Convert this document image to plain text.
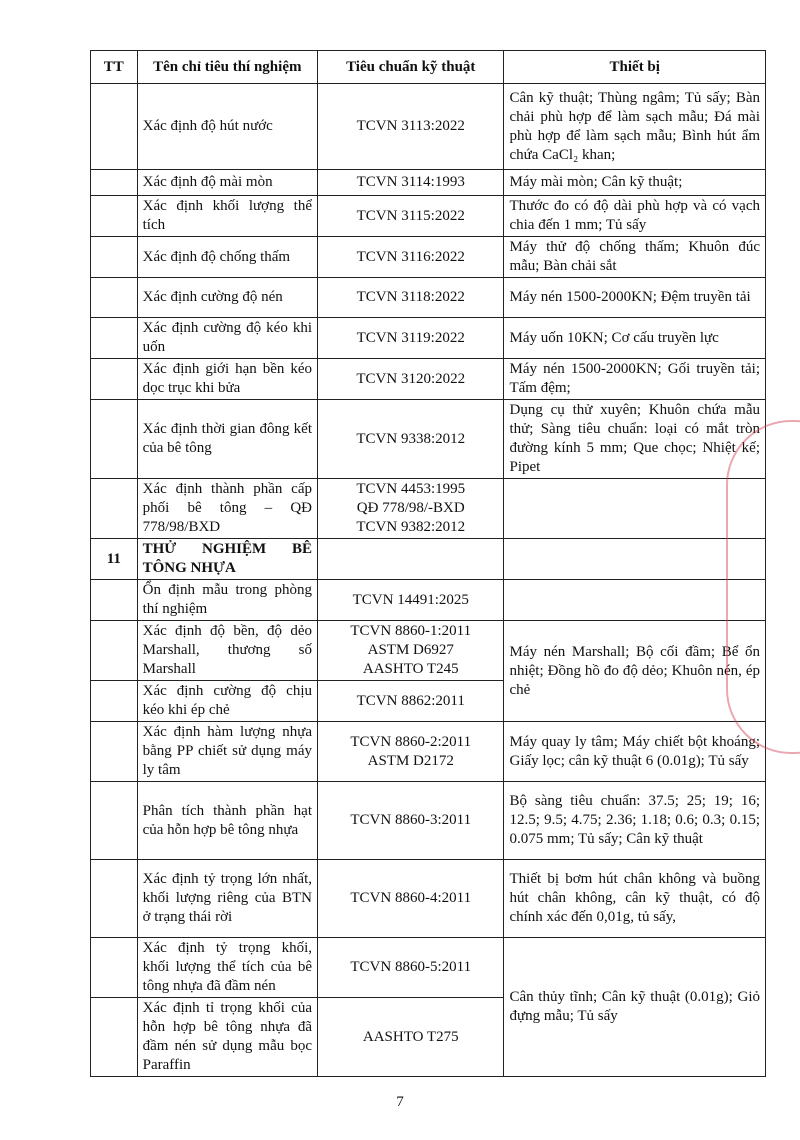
TT	Tên chỉ tiêu thí nghiệm	Tiêu chuẩn kỹ thuật	Thiết bị
	Xác định độ hút nước	TCVN 3113:2022	Cân kỹ thuật; Thùng ngâm; Tủ sấy; Bàn chải phù hợp để làm sạch mẫu; Đá mài phù hợp để làm sạch mẫu; Bình hút ẩm chứa CaCl₂ khan;
	Xác định độ mài mòn	TCVN 3114:1993	Máy mài mòn; Cân kỹ thuật;
	Xác định khối lượng thể tích	TCVN 3115:2022	Thước đo có độ dài phù hợp và có vạch chia đến 1 mm; Tủ sấy
	Xác định độ chống thấm	TCVN 3116:2022	Máy thử độ chống thấm; Khuôn đúc mẫu; Bàn chải sắt
	Xác định cường độ nén	TCVN 3118:2022	Máy nén 1500-2000KN; Đệm truyền tải
	Xác định cường độ kéo khi uốn	TCVN 3119:2022	Máy uốn 10KN; Cơ cấu truyền lực
	Xác định giới hạn bền kéo dọc trục khi bửa	TCVN 3120:2022	Máy nén 1500-2000KN; Gối truyền tải; Tấm đệm;
	Xác định thời gian đông kết của bê tông	TCVN 9338:2012	Dụng cụ thử xuyên; Khuôn chứa mẫu thử; Sàng tiêu chuẩn: loại có mắt tròn đường kính 5 mm; Que chọc; Nhiệt kế; Pipet
	Xác định thành phần cấp phối bê tông – QĐ 778/98/BXD	TCVN 4453:1995
QĐ 778/98/-BXD
TCVN 9382:2012	

11	THỬ NGHIỆM BÊ TÔNG NHỰA		
	Ổn định mẫu trong phòng thí nghiệm	TCVN 14491:2025	
	Xác định độ bền, độ dẻo Marshall, thương số Marshall	TCVN 8860-1:2011
ASTM D6927
AASHTO T245	Máy nén Marshall; Bộ cối đầm; Bể ổn nhiệt; Đồng hồ đo độ dẻo; Khuôn nén, ép chẻ
	Xác định cường độ chịu kéo khi ép chẻ	TCVN 8862:2011	
	Xác định hàm lượng nhựa bằng PP chiết sử dụng máy ly tâm	TCVN 8860-2:2011
ASTM D2172	Máy quay ly tâm; Máy chiết bột khoáng; Giấy lọc; cân kỹ thuật 6 (0.01g); Tủ sấy
	Phân tích thành phần hạt của hỗn hợp bê tông nhựa	TCVN 8860-3:2011	Bộ sàng tiêu chuẩn: 37.5; 25; 19; 16; 12.5; 9.5; 4.75; 2.36; 1.18; 0.6; 0.3; 0.15; 0.075 mm; Tủ sấy; Cân kỹ thuật
	Xác định tỷ trọng lớn nhất, khối lượng riêng của BTN ở trạng thái rời	TCVN 8860-4:2011	Thiết bị bơm hút chân không và buồng hút chân không, cân kỹ thuật, có độ chính xác đến 0,01g, tủ sấy,
	Xác định tỷ trọng khối, khối lượng thể tích của bê tông nhựa đã đầm nén	TCVN 8860-5:2011	Cân thủy tĩnh; Cân kỹ thuật (0.01g); Giỏ đựng mẫu; Tủ sấy
	Xác định tỉ trọng khối của hỗn hợp bê tông nhựa đã đầm nén sử dụng mẫu bọc Paraffin	AASHTO T275	
7
